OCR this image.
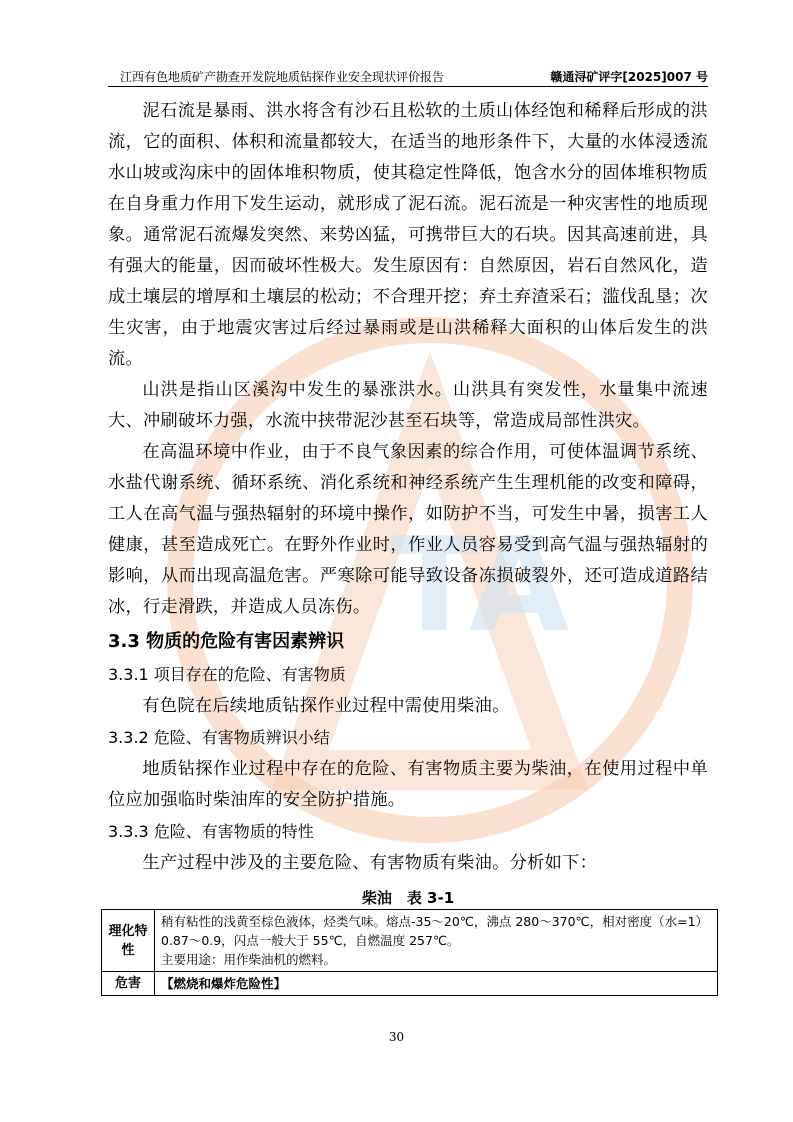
TA
江西有色地质矿产勘查开发院地质钻探作业安全现状评价报告	赣通浔矿评字[2025]007 号

泥石流是暴雨、洪水将含有沙石且松软的土质山体经饱和稀释后形成的洪流，它的面积、体积和流量都较大，在适当的地形条件下，大量的水体浸透流水山坡或沟床中的固体堆积物质，使其稳定性降低，饱含水分的固体堆积物质在自身重力作用下发生运动，就形成了泥石流。泥石流是一种灾害性的地质现象。通常泥石流爆发突然、来势凶猛，可携带巨大的石块。因其高速前进，具有强大的能量，因而破坏性极大。发生原因有：自然原因，岩石自然风化，造成土壤层的增厚和土壤层的松动；不合理开挖；弃土弃渣采石；滥伐乱垦；次生灾害，由于地震灾害过后经过暴雨或是山洪稀释大面积的山体后发生的洪流。

山洪是指山区溪沟中发生的暴涨洪水。山洪具有突发性，水量集中流速大、冲刷破坏力强，水流中挟带泥沙甚至石块等，常造成局部性洪灾。

在高温环境中作业，由于不良气象因素的综合作用，可使体温调节系统、水盐代谢系统、循环系统、消化系统和神经系统产生生理机能的改变和障碍，工人在高气温与强热辐射的环境中操作，如防护不当，可发生中暑，损害工人健康，甚至造成死亡。在野外作业时，作业人员容易受到高气温与强热辐射的影响，从而出现高温危害。严寒除可能导致设备冻损破裂外，还可造成道路结冰，行走滑跌，并造成人员冻伤。

3.3 物质的危险有害因素辨识
3.3.1 项目存在的危险、有害物质

有色院在后续地质钻探作业过程中需使用柴油。

3.3.2 危险、有害物质辨识小结

地质钻探作业过程中存在的危险、有害物质主要为柴油，在使用过程中单位应加强临时柴油库的安全防护措施。

3.3.3 危险、有害物质的特性

生产过程中涉及的主要危险、有害物质有柴油。分析如下：

柴油　表 3-1
理化特性	稍有粘性的浅黄至棕色液体，烃类气味。熔点-35～20℃，沸点 280～370℃，相对密度（水=1） 0.87～0.9，闪点一般大于 55℃，自燃温度 257℃。
主要用途：用作柴油机的燃料。

危害	【燃烧和爆炸危险性】
30
